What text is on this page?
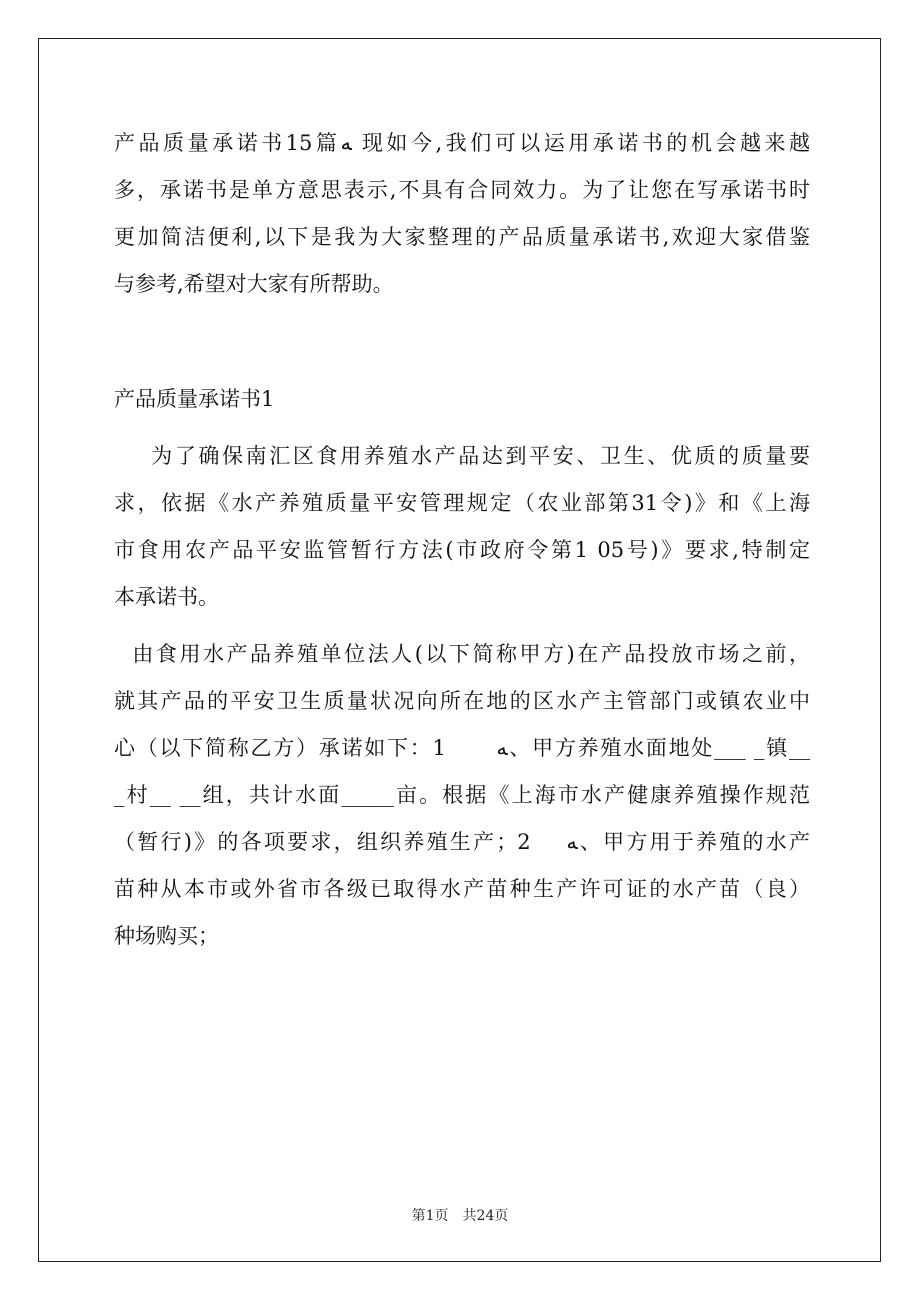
产品质量承诺书15篇ﻪ 现如今,我们可以运用承诺书的机会越来越
多，承诺书是单方意思表示,不具有合同效力。为了让您在写承诺书时
更加简洁便利,以下是我为大家整理的产品质量承诺书,欢迎大家借鉴
与参考,希望对大家有所帮助。
产品质量承诺书1
为了确保南汇区食用养殖水产品达到平安、卫生、优质的质量要
求，依据《水产养殖质量平安管理规定（农业部第31令)》和《上海
市食用农产品平安监管暂行方法(市政府令第1 05号)》要求,特制定
本承诺书。
由食用水产品养殖单位法人(以下简称甲方)在产品投放市场之前，
就其产品的平安卫生质量状况向所在地的区水产主管部门或镇农业中
心（以下简称乙方）承诺如下：1      ﻪ、甲方养殖水面地处___ _镇__
_村__ __组，共计水面_____亩。根据《上海市水产健康养殖操作规范
（暂行)》的各项要求，组织养殖生产；2    ﻪ、甲方用于养殖的水产
苗种从本市或外省市各级已取得水产苗种生产许可证的水产苗（良）
种场购买；
第1页 共24页
